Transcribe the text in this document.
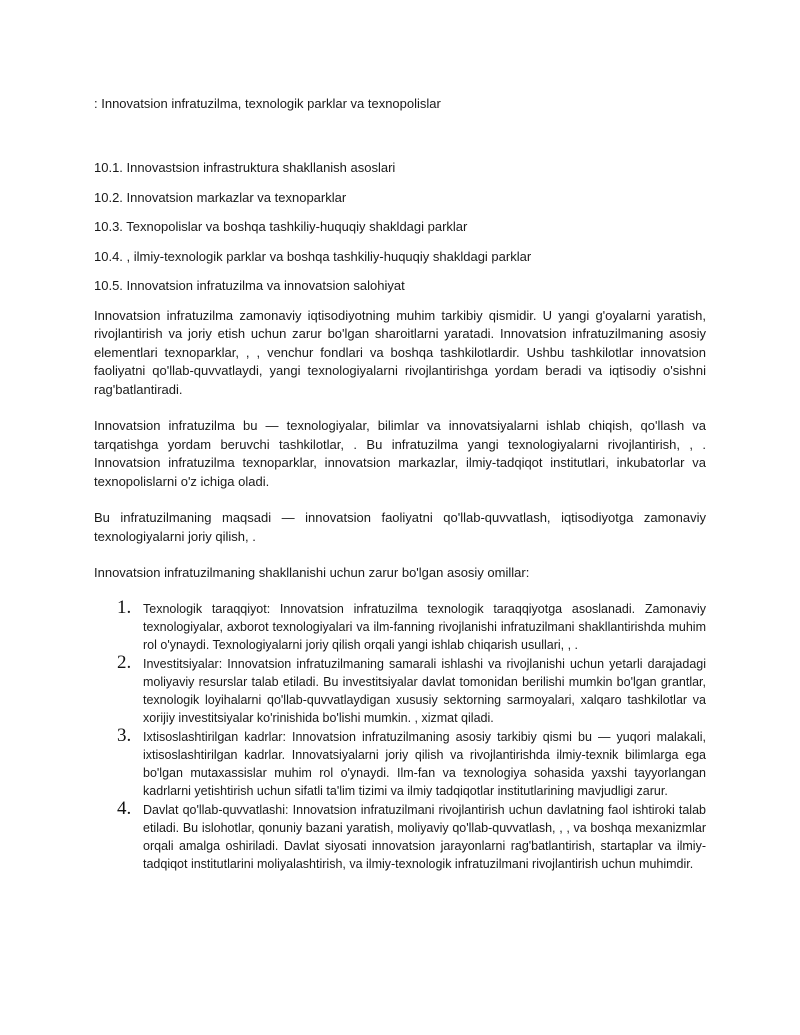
: Innovatsion infratuzilma, texnologik parklar va texnopolislar

10.1. Innovastsion infrastruktura shakllanish asoslari
10.2. Innovatsion markazlar va texnoparklar
10.3. Texnopolislar va boshqa tashkiliy-huquqiy shakldagi parklar
10.4. , ilmiy-texnologik parklar va boshqa tashkiliy-huquqiy shakldagi parklar
10.5. Innovatsion infratuzilma va innovatsion salohiyat

Innovatsion infratuzilma zamonaviy iqtisodiyotning muhim tarkibiy qismidir. U yangi g'oyalarni yaratish, rivojlantirish va joriy etish uchun zarur bo'lgan sharoitlarni yaratadi. Innovatsion infratuzilmaning asosiy elementlari texnoparklar, , , venchur fondlari va boshqa tashkilotlardir. Ushbu tashkilotlar innovatsion faoliyatni qo'llab-quvvatlaydi, yangi texnologiyalarni rivojlantirishga yordam beradi va iqtisodiy o'sishni rag'batlantiradi.

Innovatsion infratuzilma bu — texnologiyalar, bilimlar va innovatsiyalarni ishlab chiqish, qo'llash va tarqatishga yordam beruvchi tashkilotlar, . Bu infratuzilma yangi texnologiyalarni rivojlantirish, , . Innovatsion infratuzilma texnoparklar, innovatsion markazlar, ilmiy-tadqiqot institutlari, inkubatorlar va texnopolislarni o'z ichiga oladi.

Bu infratuzilmaning maqsadi — innovatsion faoliyatni qo'llab-quvvatlash, iqtisodiyotga zamonaviy texnologiyalarni joriy qilish, .

Innovatsion infratuzilmaning shakllanishi uchun zarur bo'lgan asosiy omillar:

1. Texnologik taraqqiyot: Innovatsion infratuzilma texnologik taraqqiyotga asoslanadi. Zamonaviy texnologiyalar, axborot texnologiyalari va ilm-fanning rivojlanishi infratuzilmani shakllantirishda muhim rol o'ynaydi. Texnologiyalarni joriy qilish orqali yangi ishlab chiqarish usullari, , .
2. Investitsiyalar: Innovatsion infratuzilmaning samarali ishlashi va rivojlanishi uchun yetarli darajadagi moliyaviy resurslar talab etiladi. Bu investitsiyalar davlat tomonidan berilishi mumkin bo'lgan grantlar, texnologik loyihalarni qo'llab-quvvatlaydigan xususiy sektorning sarmoyalari, xalqaro tashkilotlar va xorijiy investitsiyalar ko'rinishida bo'lishi mumkin. , xizmat qiladi.
3. Ixtisoslashtirilgan kadrlar: Innovatsion infratuzilmaning asosiy tarkibiy qismi bu — yuqori malakali, ixtisoslashtirilgan kadrlar. Innovatsiyalarni joriy qilish va rivojlantirishda ilmiy-texnik bilimlarga ega bo'lgan mutaxassislar muhim rol o'ynaydi. Ilm-fan va texnologiya sohasida yaxshi tayyorlangan kadrlarni yetishtirish uchun sifatli ta'lim tizimi va ilmiy tadqiqotlar institutlarining mavjudligi zarur.
4. Davlat qo'llab-quvvatlashi: Innovatsion infratuzilmani rivojlantirish uchun davlatning faol ishtiroki talab etiladi. Bu islohotlar, qonuniy bazani yaratish, moliyaviy qo'llab-quvvatlash, , , va boshqa mexanizmlar orqali amalga oshiriladi. Davlat siyosati innovatsion jarayonlarni rag'batlantirish, startaplar va ilmiy-tadqiqot institutlarini moliyalashtirish, va ilmiy-texnologik infratuzilmani rivojlantirish uchun muhimdir.
